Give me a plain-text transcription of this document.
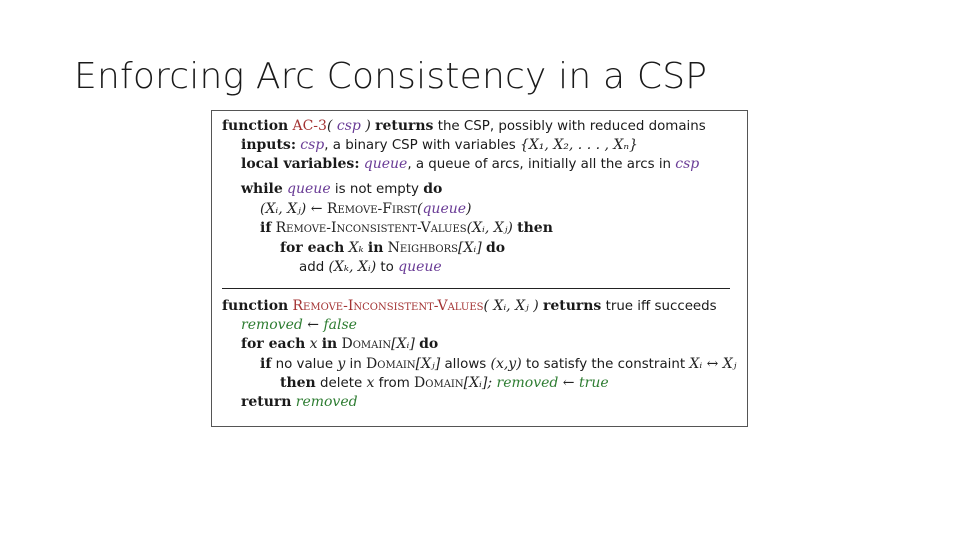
Enforcing Arc Consistency in a CSP
function AC-3( csp ) returns the CSP, possibly with reduced domains
inputs: csp, a binary CSP with variables {X₁, X₂, . . . , Xₙ}
local variables: queue, a queue of arcs, initially all the arcs in csp
while queue is not empty do
(Xᵢ, Xⱼ) ← Remove-First(queue)
if Remove-Inconsistent-Values(Xᵢ, Xⱼ) then
for each Xₖ in Neighbors[Xᵢ] do
add (Xₖ, Xᵢ) to queue
function Remove-Inconsistent-Values( Xᵢ, Xⱼ ) returns true iff succeeds
removed ← false
for each x in Domain[Xᵢ] do
if no value y in Domain[Xⱼ] allows (x,y) to satisfy the constraint Xᵢ ↔ Xⱼ
then delete x from Domain[Xᵢ]; removed ← true
return removed
